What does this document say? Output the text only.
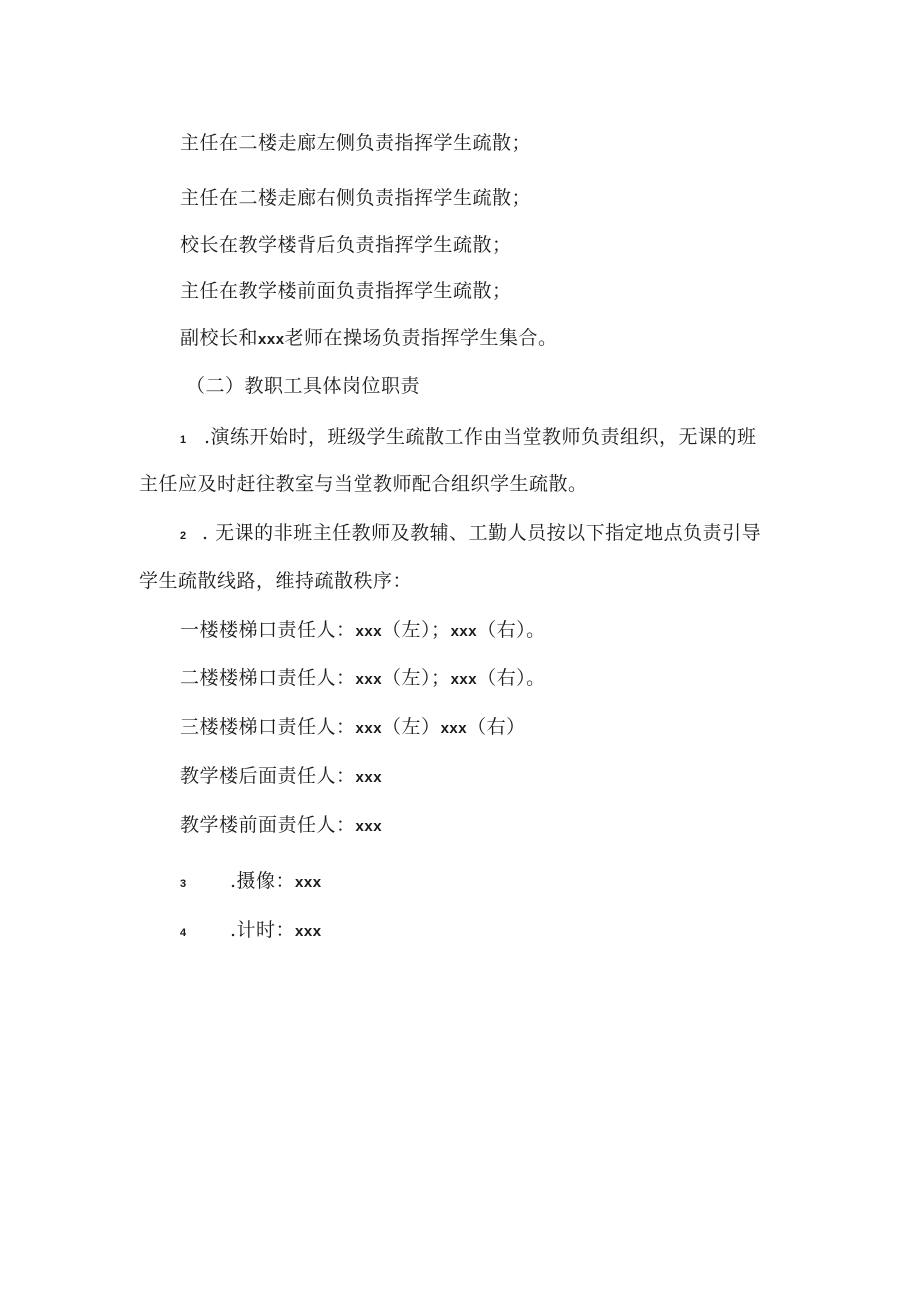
主任在二楼走廊左侧负责指挥学生疏散；
主任在二楼走廊右侧负责指挥学生疏散；
校长在教学楼背后负责指挥学生疏散；
主任在教学楼前面负责指挥学生疏散；
副校长和xxx老师在操场负责指挥学生集合。
（二）教职工具体岗位职责
1 .演练开始时，班级学生疏散工作由当堂教师负责组织，无课的班
主任应及时赶往教室与当堂教师配合组织学生疏散。
2 . 无课的非班主任教师及教辅、工勤人员按以下指定地点负责引导
学生疏散线路，维持疏散秩序：
一楼楼梯口责任人：xxx（左）；xxx（右）。
二楼楼梯口责任人：xxx（左）；xxx（右）。
三楼楼梯口责任人：xxx（左）xxx（右）
教学楼后面责任人：xxx
教学楼前面责任人：xxx
3 .摄像：xxx
4 .计时：xxx
